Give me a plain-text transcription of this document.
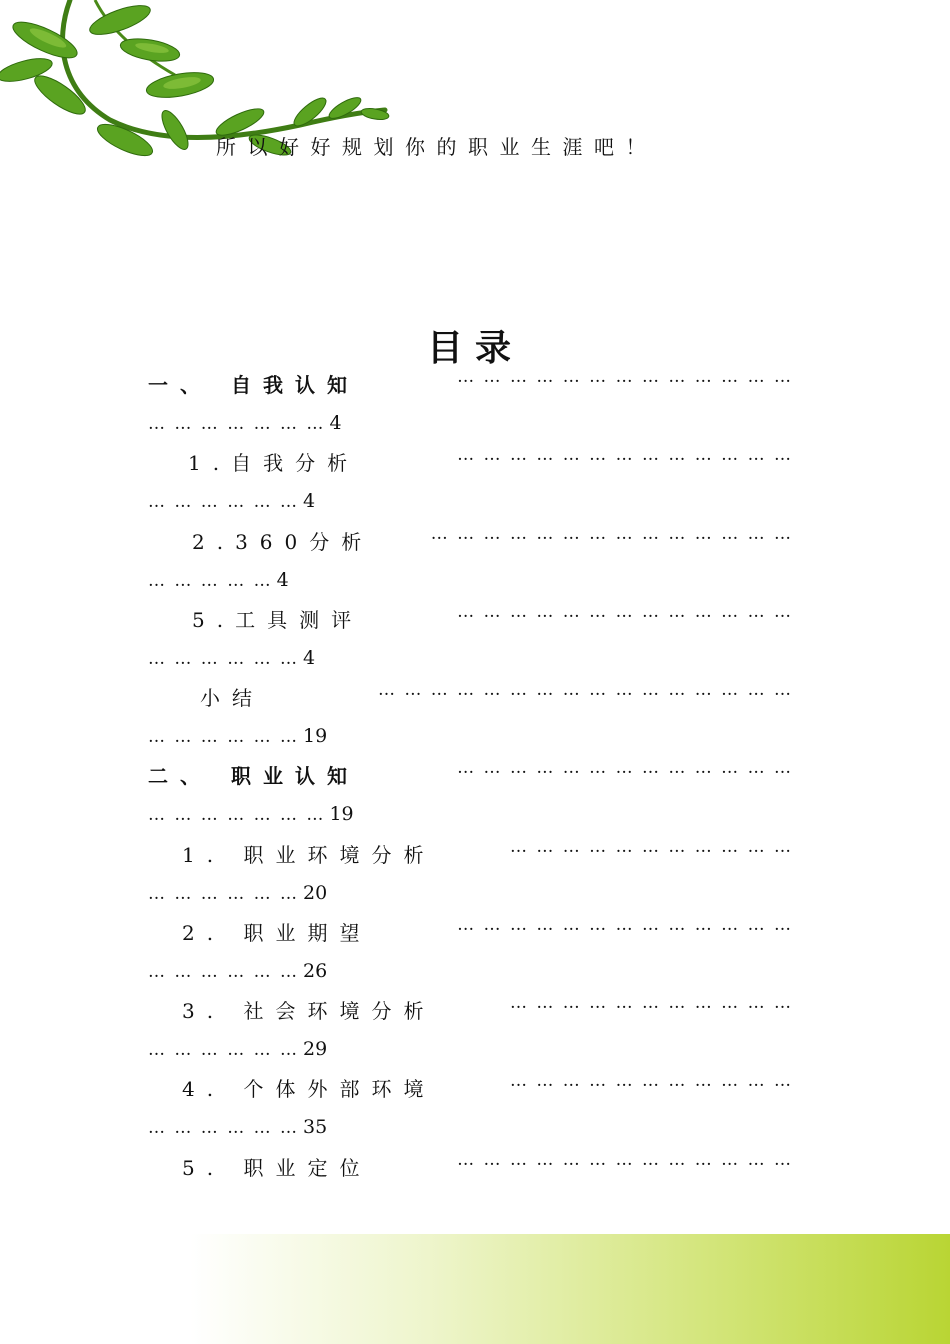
所以好好规划你的职业生涯吧！
目录
一、 自我认知	… … … … … … … … … … … … …
… … … … … … … 4
1.自我分析	… … … … … … … … … … … … …
… … … … … … 4
2.360分析	… … … … … … … … … … … … … …
… … … … … 4
5.工具测评	… … … … … … … … … … … … …
… … … … … … 4
小结	… … … … … … … … … … … … … … … …
… … … … … … 19
二、 职业认知	… … … … … … … … … … … … …
… … … … … … … 19
1. 职业环境分析	… … … … … … … … … … …
… … … … … … 20
2. 职业期望	… … … … … … … … … … … … …
… … … … … … 26
3. 社会环境分析	… … … … … … … … … … …
… … … … … … 29
4. 个体外部环境	… … … … … … … … … … …
… … … … … … 35
5. 职业定位	… … … … … … … … … … … … …
